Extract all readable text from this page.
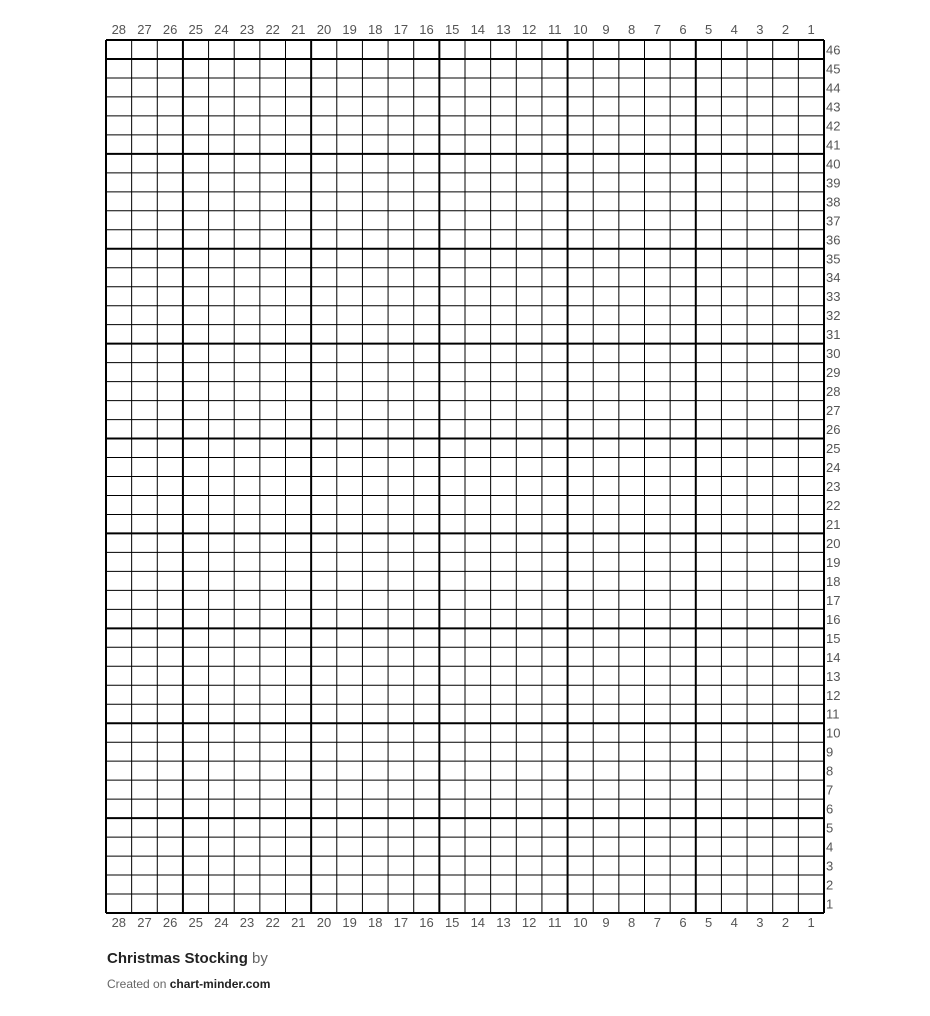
28 27 26 25 24 23 22 21 20 19 18 17 16 15 14 13 12 11 10 9 8 7 6 5 4 3 2 1
28 27 26 25 24 23 22 21 20 19 18 17 16 15 14 13 12 11 10 9 8 7 6 5 4 3 2 1
46
45
44
43
42
41
40
39
38
37
36
35
34
33
32
31
30
29
28
27
26
25
24
23
22
21
20
19
18
17
16
15
14
13
12
11
10
9
8
7
6
5
4
3
2
1
Christmas Stocking by
Created on chart-minder.com
